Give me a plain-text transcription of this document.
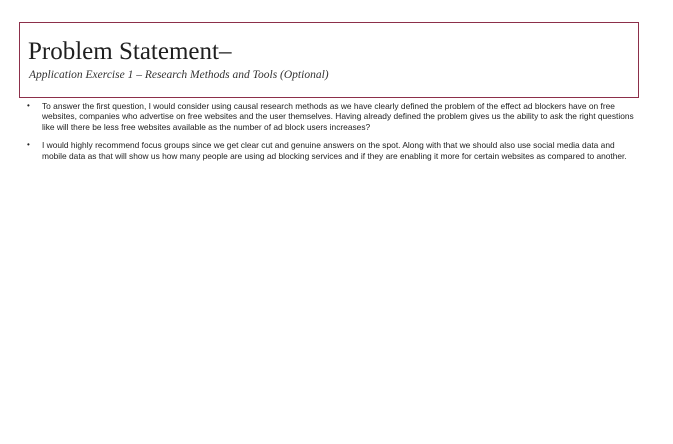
Problem Statement–

Application Exercise 1 – Research Methods and Tools (Optional)

• To answer the first question, I would consider using causal research methods as we have clearly defined the problem of the effect ad blockers have on free websites, companies who advertise on free websites and the user themselves. Having already defined the problem gives us the ability to ask the right questions like will there be less free websites available as the number of ad block users increases?
• I would highly recommend focus groups since we get clear cut and genuine answers on the spot. Along with that we should also use social media data and mobile data as that will show us how many people are using ad blocking services and if they are enabling it more for certain websites as compared to another.
